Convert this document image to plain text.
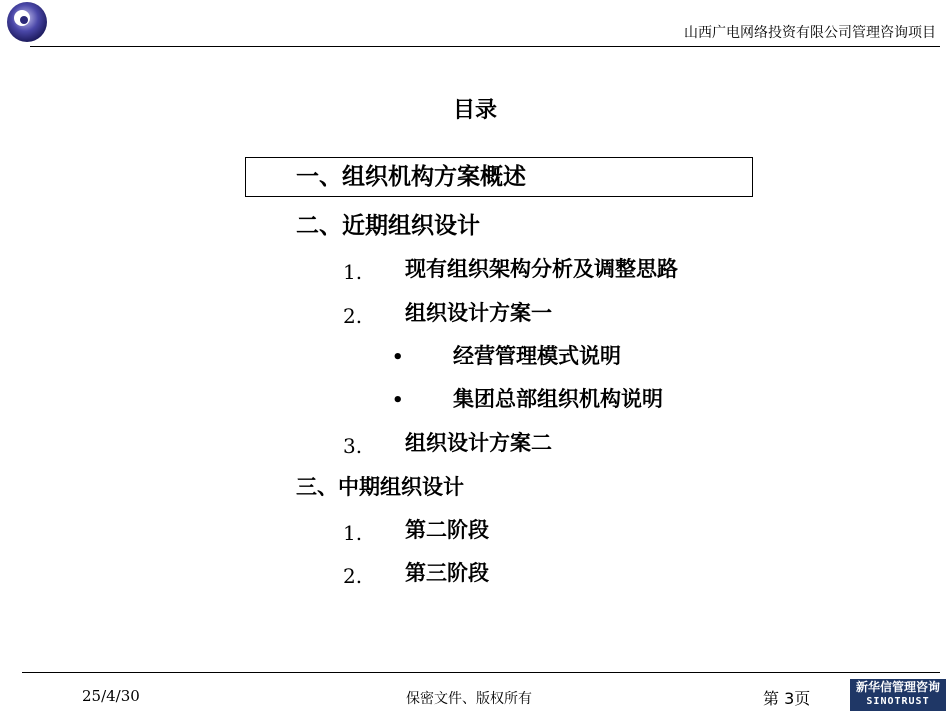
山西广电网络投资有限公司管理咨询项目
目录
一、组织机构方案概述
二、近期组织设计
1. 现有组织架构分析及调整思路
2. 组织设计方案一
• 经营管理模式说明
• 集团总部组织机构说明
3. 组织设计方案二
三、中期组织设计
1. 第二阶段
2. 第三阶段
25/4/30	保密文件、版权所有	第 3页
新华信管理咨询
SINOTRUST
